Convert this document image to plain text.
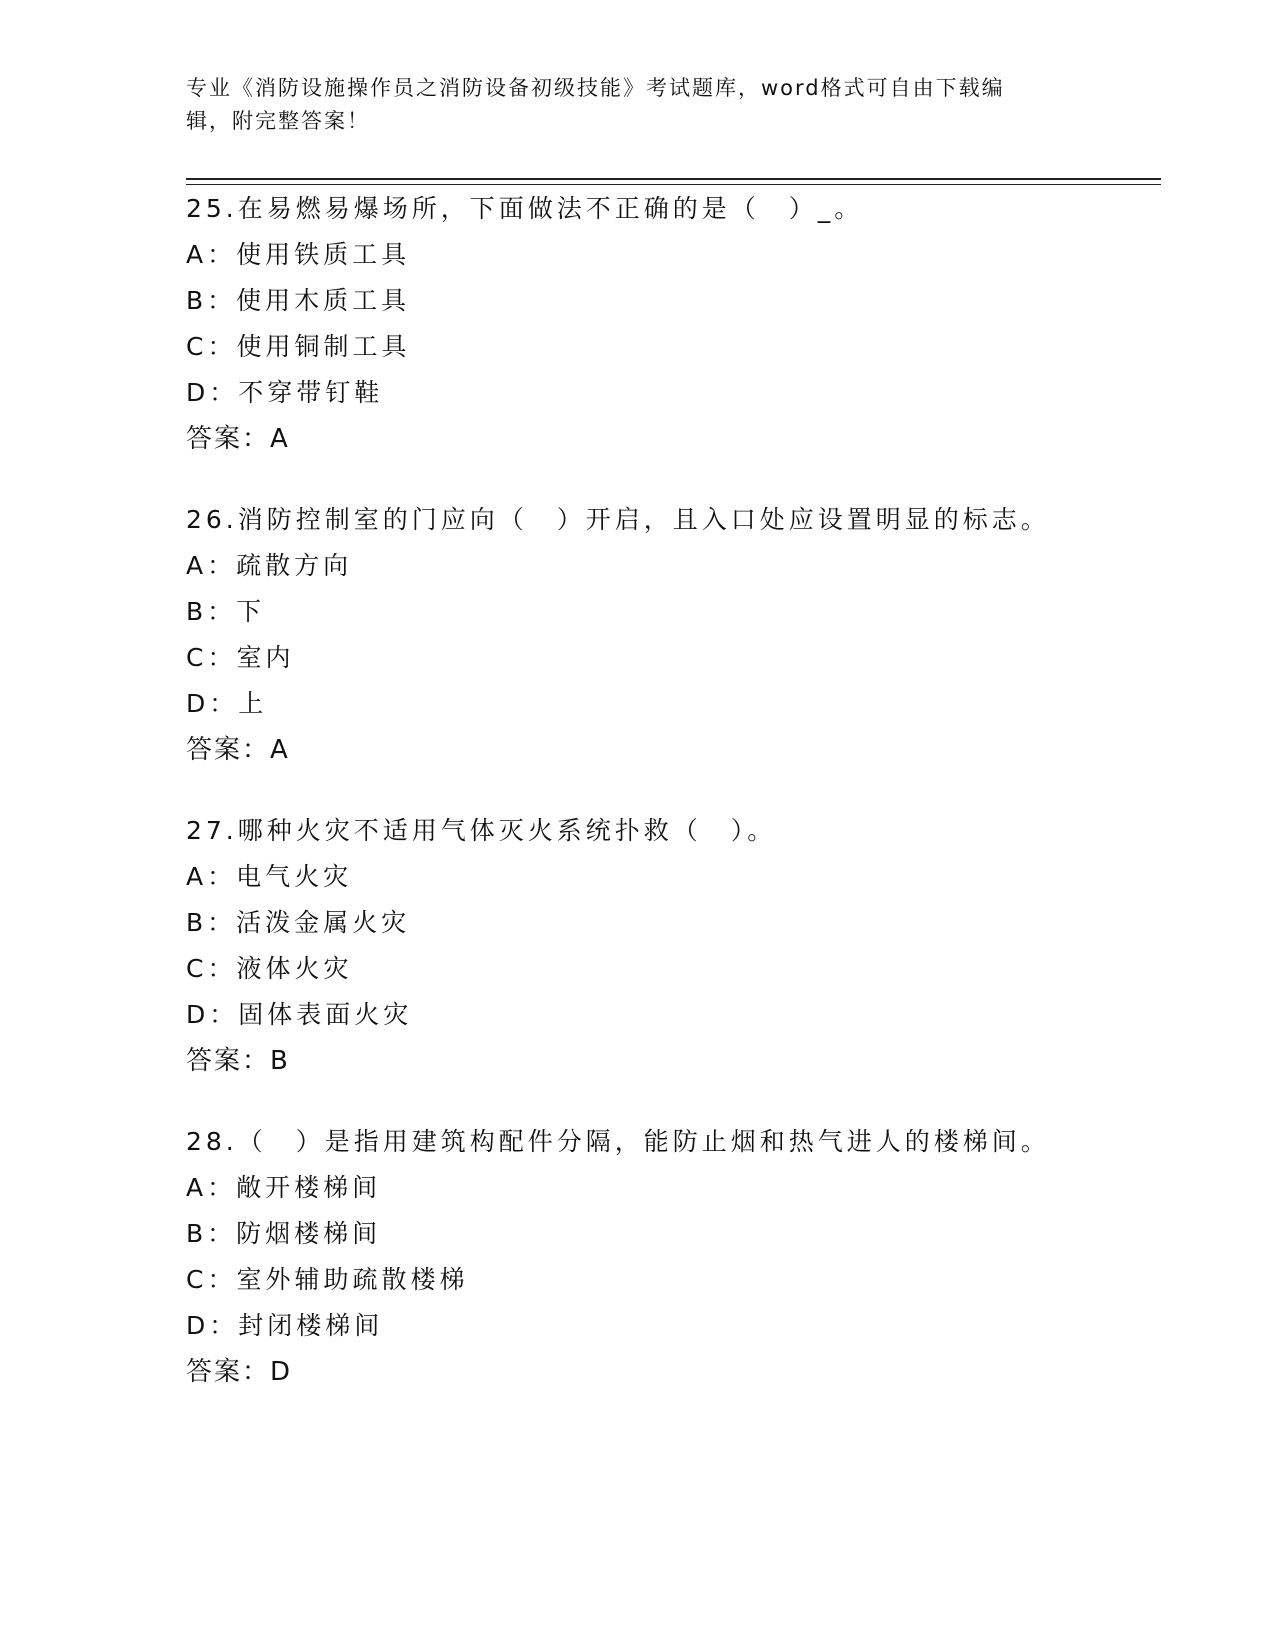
专业《消防设施操作员之消防设备初级技能》考试题库，word格式可自由下载编
辑，附完整答案！
25.在易燃易爆场所，下面做法不正确的是（　）_。
A：使用铁质工具
B：使用木质工具
C：使用铜制工具
D：不穿带钉鞋
答案：A
26.消防控制室的门应向（　）开启，且入口处应设置明显的标志。
A：疏散方向
B：下
C：室内
D：上
答案：A
27.哪种火灾不适用气体灭火系统扑救（　）。
A：电气火灾
B：活泼金属火灾
C：液体火灾
D：固体表面火灾
答案：B
28.（　）是指用建筑构配件分隔，能防止烟和热气进人的楼梯间。
A：敞开楼梯间
B：防烟楼梯间
C：室外辅助疏散楼梯
D：封闭楼梯间
答案：D
